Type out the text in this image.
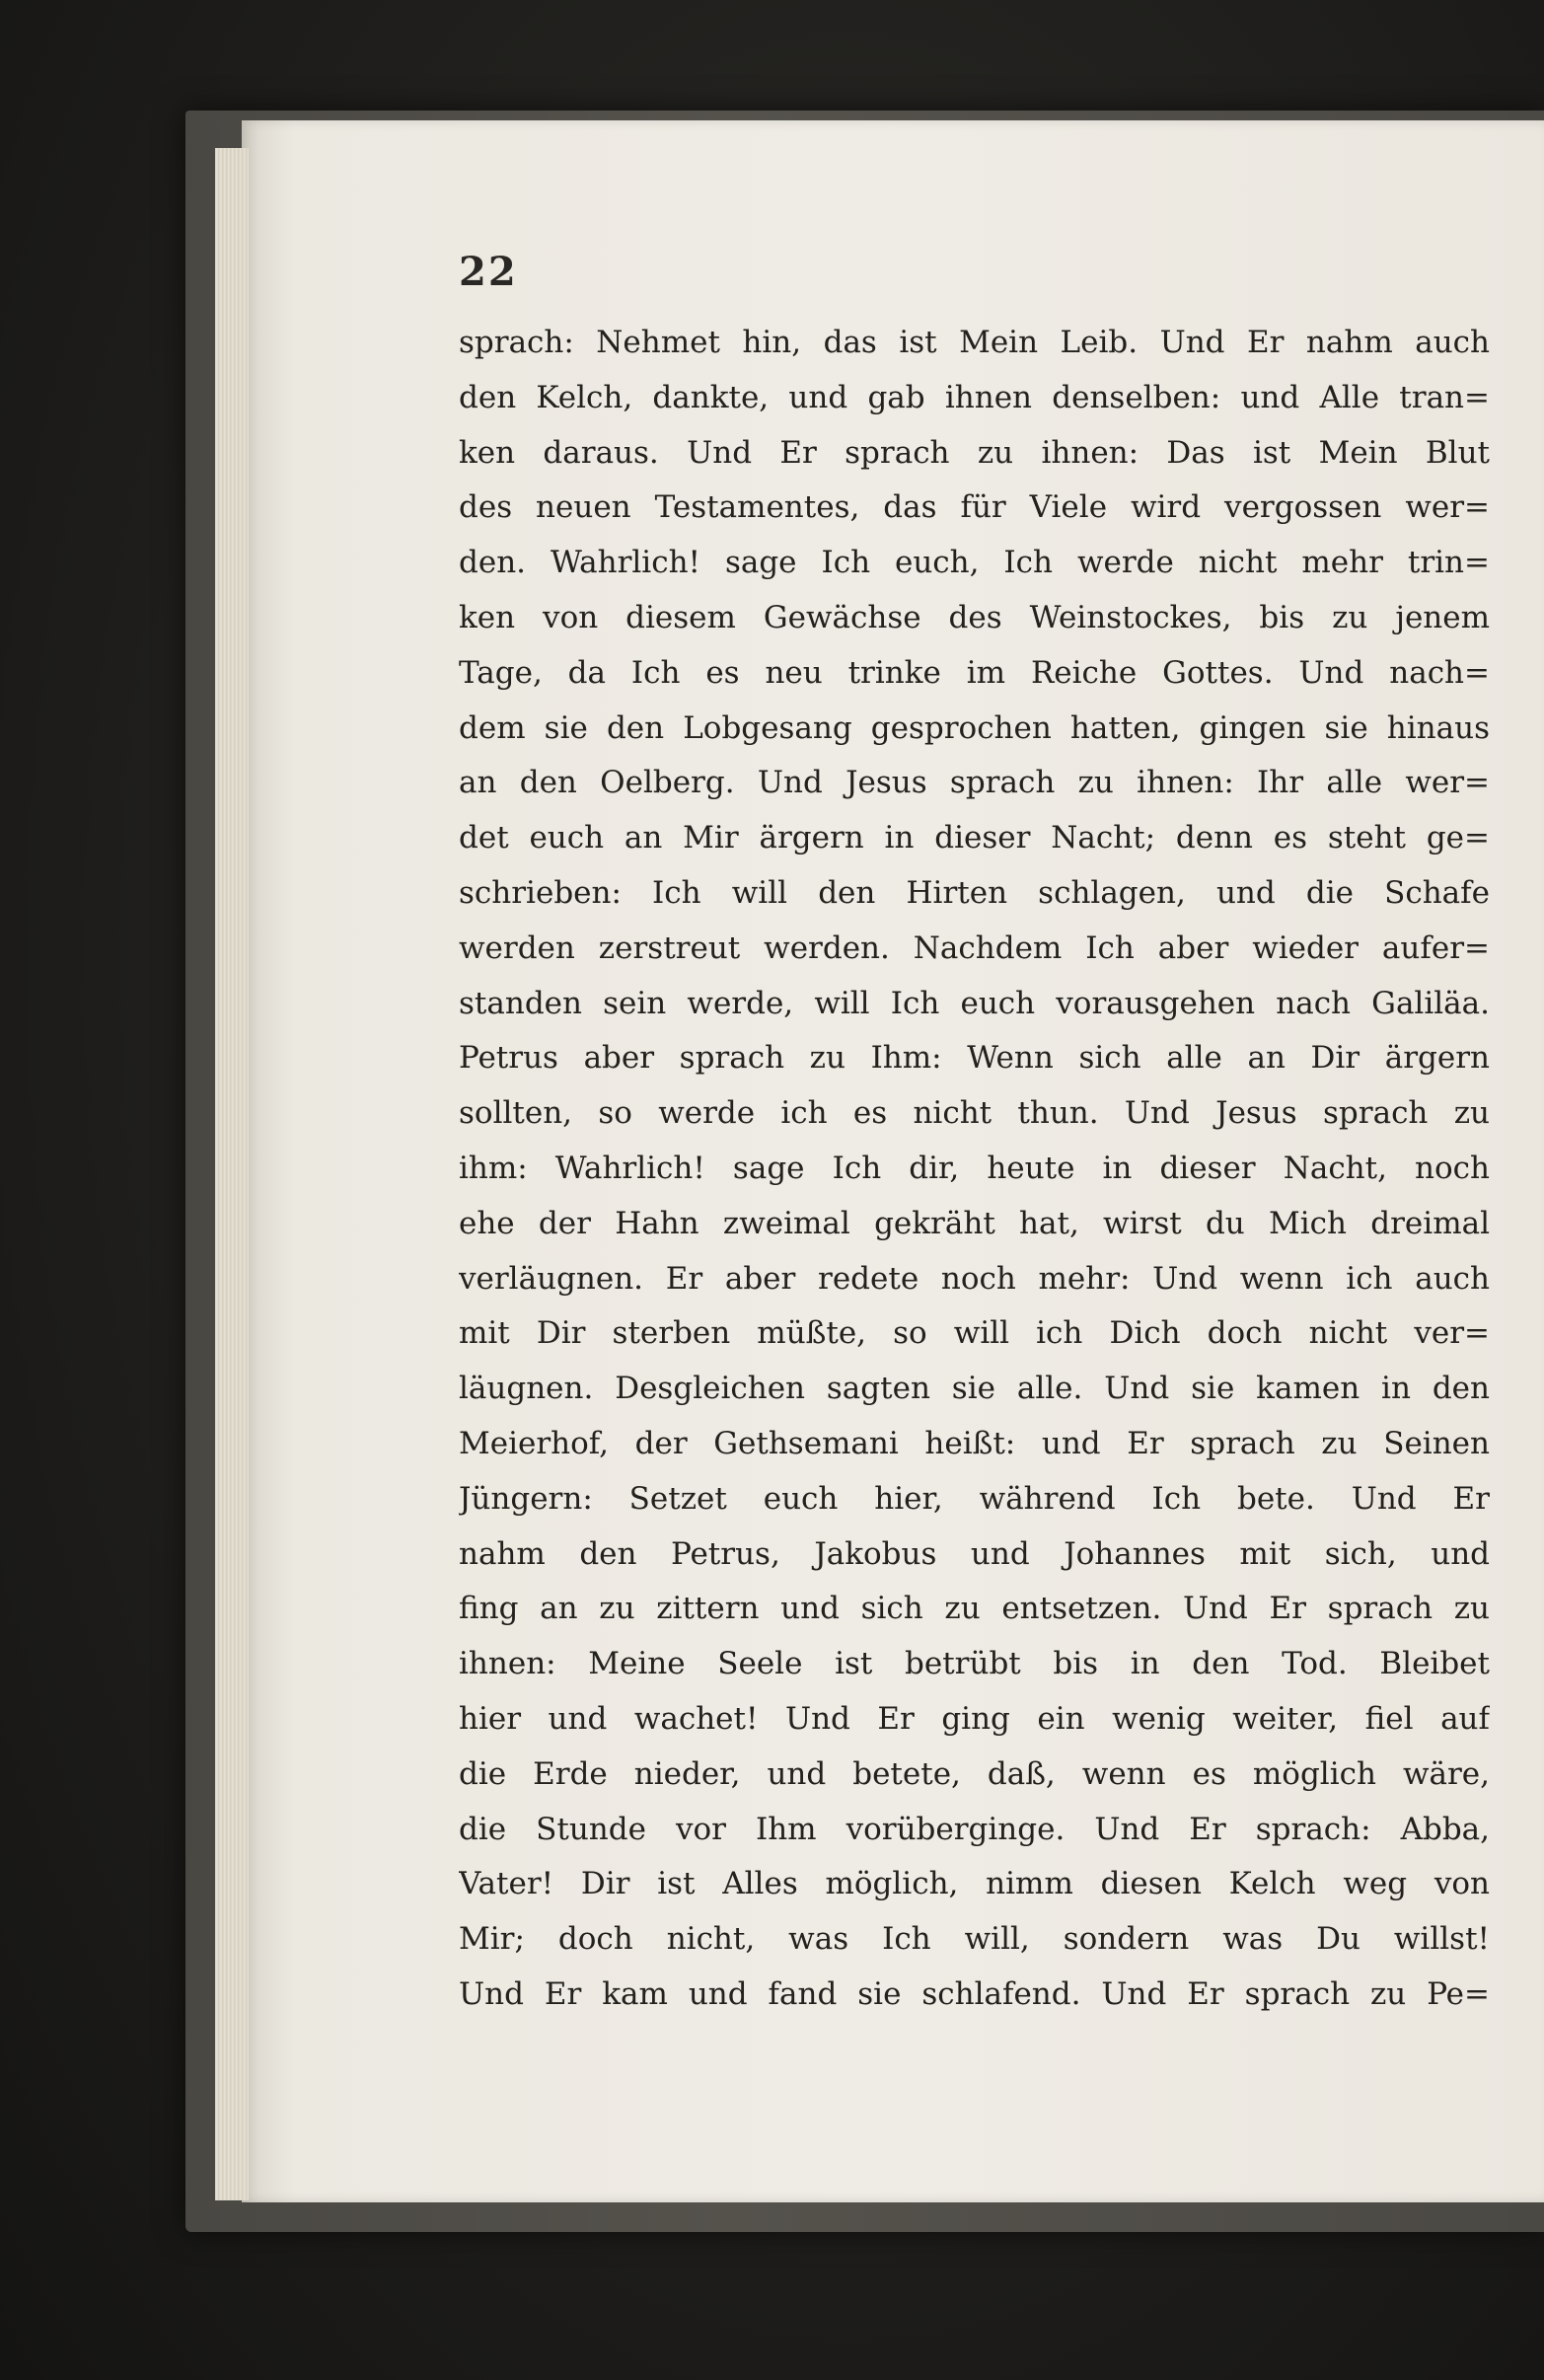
22
sprach: Nehmet hin, das ist Mein Leib. Und Er nahm auch
den Kelch, dankte, und gab ihnen denselben: und Alle tran=
ken daraus. Und Er sprach zu ihnen: Das ist Mein Blut
des neuen Testamentes, das für Viele wird vergossen wer=
den. Wahrlich! sage Ich euch, Ich werde nicht mehr trin=
ken von diesem Gewächse des Weinstockes, bis zu jenem
Tage, da Ich es neu trinke im Reiche Gottes. Und nach=
dem sie den Lobgesang gesprochen hatten, gingen sie hinaus
an den Oelberg. Und Jesus sprach zu ihnen: Ihr alle wer=
det euch an Mir ärgern in dieser Nacht; denn es steht ge=
schrieben: Ich will den Hirten schlagen, und die Schafe
werden zerstreut werden. Nachdem Ich aber wieder aufer=
standen sein werde, will Ich euch vorausgehen nach Galiläa.
Petrus aber sprach zu Ihm: Wenn sich alle an Dir ärgern
sollten, so werde ich es nicht thun. Und Jesus sprach zu
ihm: Wahrlich! sage Ich dir, heute in dieser Nacht, noch
ehe der Hahn zweimal gekräht hat, wirst du Mich dreimal
verläugnen. Er aber redete noch mehr: Und wenn ich auch
mit Dir sterben müßte, so will ich Dich doch nicht ver=
läugnen. Desgleichen sagten sie alle. Und sie kamen in den
Meierhof, der Gethsemani heißt: und Er sprach zu Seinen
Jüngern: Setzet euch hier, während Ich bete. Und Er
nahm den Petrus, Jakobus und Johannes mit sich, und
fing an zu zittern und sich zu entsetzen. Und Er sprach zu
ihnen: Meine Seele ist betrübt bis in den Tod. Bleibet
hier und wachet! Und Er ging ein wenig weiter, fiel auf
die Erde nieder, und betete, daß, wenn es möglich wäre,
die Stunde vor Ihm vorüberginge. Und Er sprach: Abba,
Vater! Dir ist Alles möglich, nimm diesen Kelch weg von
Mir; doch nicht, was Ich will, sondern was Du willst!
Und Er kam und fand sie schlafend. Und Er sprach zu Pe=
